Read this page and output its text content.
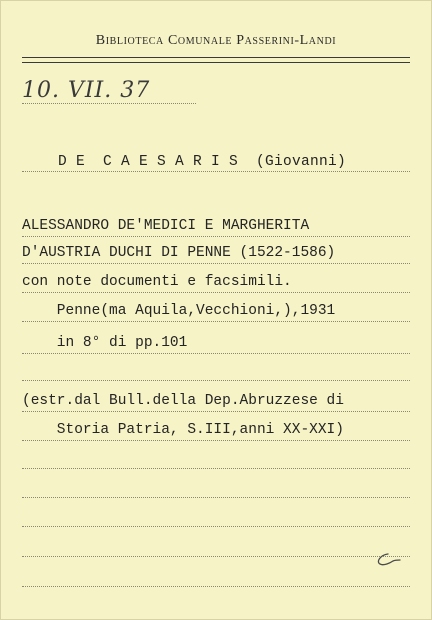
Biblioteca Comunale Passerini-Landi
10. VII. 37
D E  C A E S A R I S  (Giovanni)
ALESSANDRO DE'MEDICI E MARGHERITA
D'AUSTRIA DUCHI DI PENNE (1522-1586)
con note documenti e facsimili.
Penne(ma Aquila,Vecchioni,),1931
in 8° di pp.101
(estr.dal Bull.della Dep.Abruzzese di
Storia Patria, S.III,anni XX-XXI)
